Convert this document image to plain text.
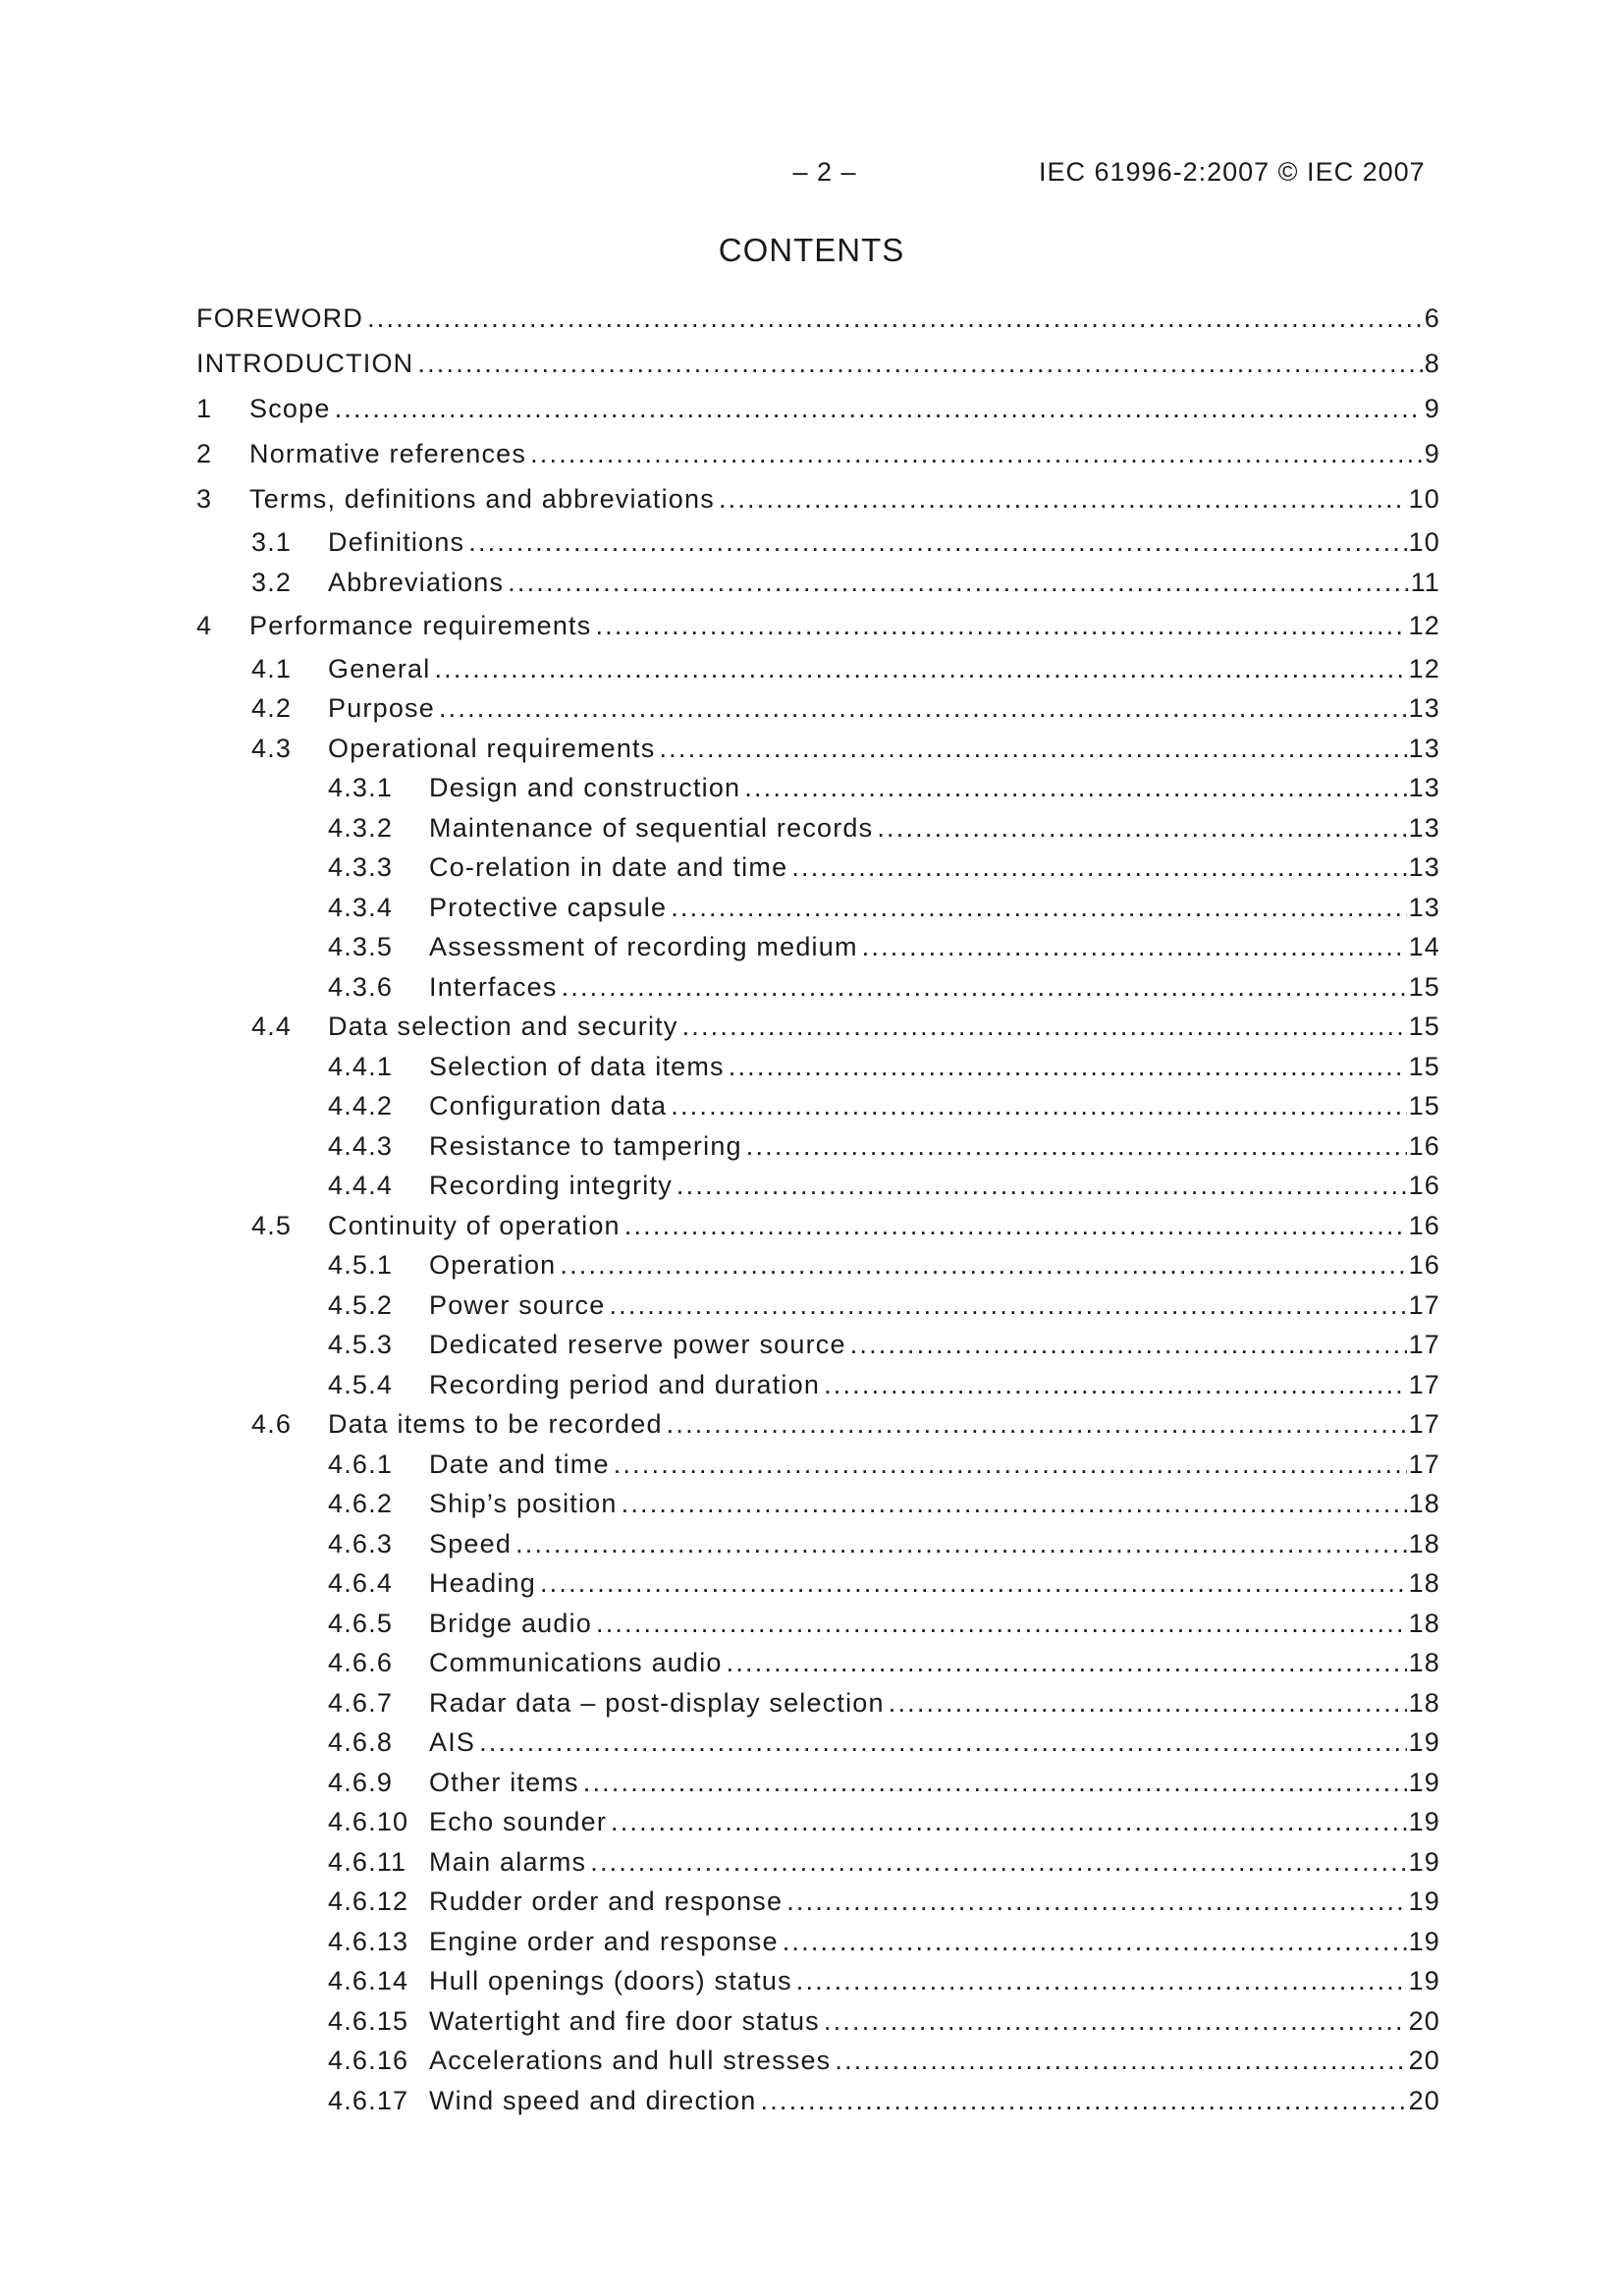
– 2 –	IEC 61996-2:2007 © IEC 2007
CONTENTS
FOREWORD .....	6
INTRODUCTION .....	8
1	Scope .....	9
2	Normative references .....	9
3	Terms, definitions and abbreviations .....	10
3.1	Definitions .....	10
3.2	Abbreviations .....	11
4	Performance requirements .....	12
4.1	General .....	12
4.2	Purpose .....	13
4.3	Operational requirements .....	13
4.3.1	Design and construction .....	13
4.3.2	Maintenance of sequential records .....	13
4.3.3	Co-relation in date and time .....	13
4.3.4	Protective capsule .....	13
4.3.5	Assessment of recording medium .....	14
4.3.6	Interfaces .....	15
4.4	Data selection and security .....	15
4.4.1	Selection of data items .....	15
4.4.2	Configuration data .....	15
4.4.3	Resistance to tampering .....	16
4.4.4	Recording integrity .....	16
4.5	Continuity of operation .....	16
4.5.1	Operation .....	16
4.5.2	Power source .....	17
4.5.3	Dedicated reserve power source .....	17
4.5.4	Recording period and duration .....	17
4.6	Data items to be recorded .....	17
4.6.1	Date and time .....	17
4.6.2	Ship’s position .....	18
4.6.3	Speed .....	18
4.6.4	Heading .....	18
4.6.5	Bridge audio .....	18
4.6.6	Communications audio .....	18
4.6.7	Radar data – post-display selection .....	18
4.6.8	AIS .....	19
4.6.9	Other items .....	19
4.6.10 Echo sounder .....	19
4.6.11 Main alarms .....	19
4.6.12 Rudder order and response .....	19
4.6.13 Engine order and response .....	19
4.6.14 Hull openings (doors) status .....	19
4.6.15 Watertight and fire door status .....	20
4.6.16 Accelerations and hull stresses .....	20
4.6.17 Wind speed and direction .....	20
